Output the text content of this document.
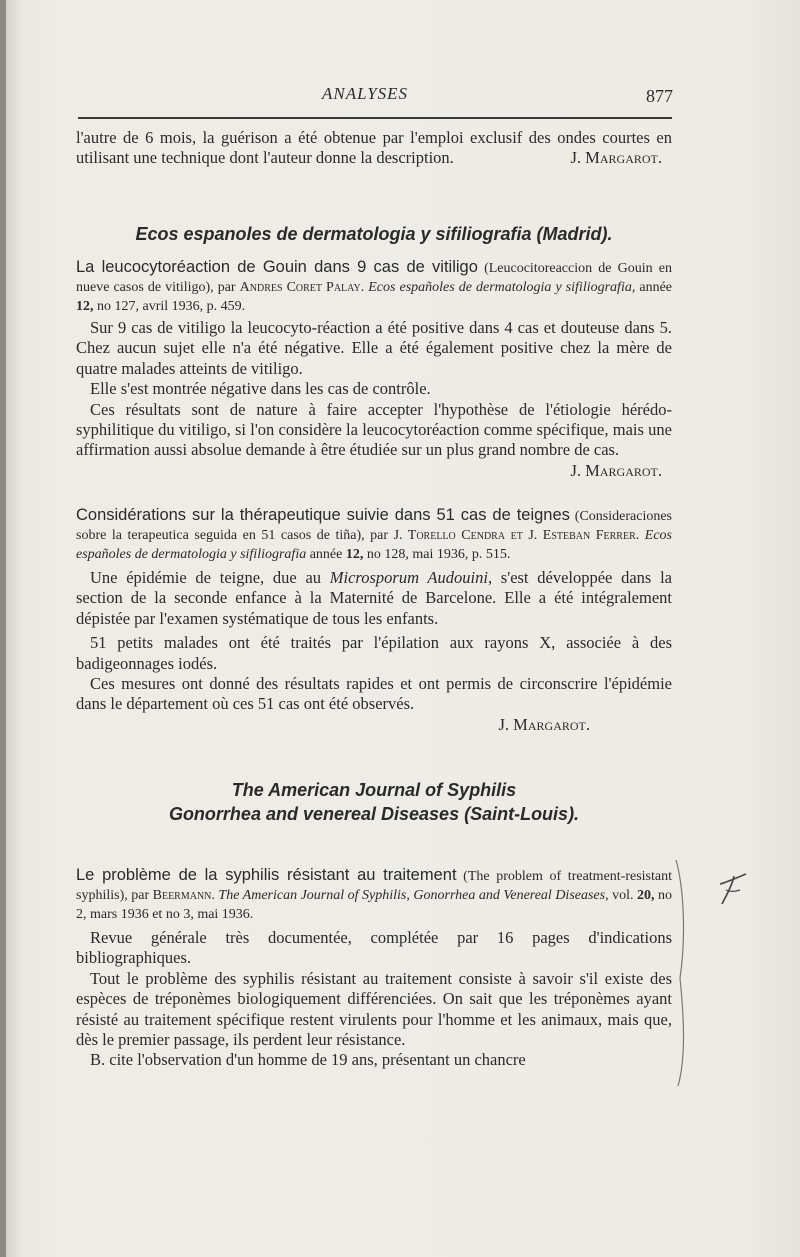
ANALYSES	877

l'autre de 6 mois, la guérison a été obtenue par l'emploi exclusif des ondes courtes en utilisant une technique dont l'auteur donne la description.	J. Margarot.

Ecos espanoles de dermatologia y sifiliografia (Madrid).

La leucocytoréaction de Gouin dans 9 cas de vitiligo (Leucocitoreaccion de Gouin en nueve casos de vitiligo), par Andres Coret Palay. Ecos españoles de dermatologia y sifiliografia, année 12, no 127, avril 1936, p. 459.

Sur 9 cas de vitiligo la leucocyto-réaction a été positive dans 4 cas et douteuse dans 5. Chez aucun sujet elle n'a été négative. Elle a été également positive chez la mère de quatre malades atteints de vitiligo.

Elle s'est montrée négative dans les cas de contrôle.

Ces résultats sont de nature à faire accepter l'hypothèse de l'étiologie hérédo-syphilitique du vitiligo, si l'on considère la leucocytoréaction comme spécifique, mais une affirmation aussi absolue demande à être étudiée sur un plus grand nombre de cas.
J. Margarot.

Considérations sur la thérapeutique suivie dans 51 cas de teignes (Consideraciones sobre la terapeutica seguida en 51 casos de tiña), par J. Torello Cendra et J. Esteban Ferrer. Ecos españoles de dermatologia y sifiliografia année 12, no 128, mai 1936, p. 515.

Une épidémie de teigne, due au Microsporum Audouini, s'est développée dans la section de la seconde enfance à la Maternité de Barcelone. Elle a été intégralement dépistée par l'examen systématique de tous les enfants.

51 petits malades ont été traités par l'épilation aux rayons X, associée à des badigeonnages iodés.

Ces mesures ont donné des résultats rapides et ont permis de circonscrire l'épidémie dans le département où ces 51 cas ont été observés.

J. Margarot.

The American Journal of Syphilis
Gonorrhea and venereal Diseases (Saint-Louis).

Le problème de la syphilis résistant au traitement (The problem of treatment-resistant syphilis), par Beermann. The American Journal of Syphilis, Gonorrhea and Venereal Diseases, vol. 20, no 2, mars 1936 et no 3, mai 1936.

Revue générale très documentée, complétée par 16 pages d'indications bibliographiques.

Tout le problème des syphilis résistant au traitement consiste à savoir s'il existe des espèces de tréponèmes biologiquement différenciées. On sait que les tréponèmes ayant résisté au traitement spécifique restent virulents pour l'homme et les animaux, mais que, dès le premier passage, ils perdent leur résistance.

B. cite l'observation d'un homme de 19 ans, présentant un chancre
